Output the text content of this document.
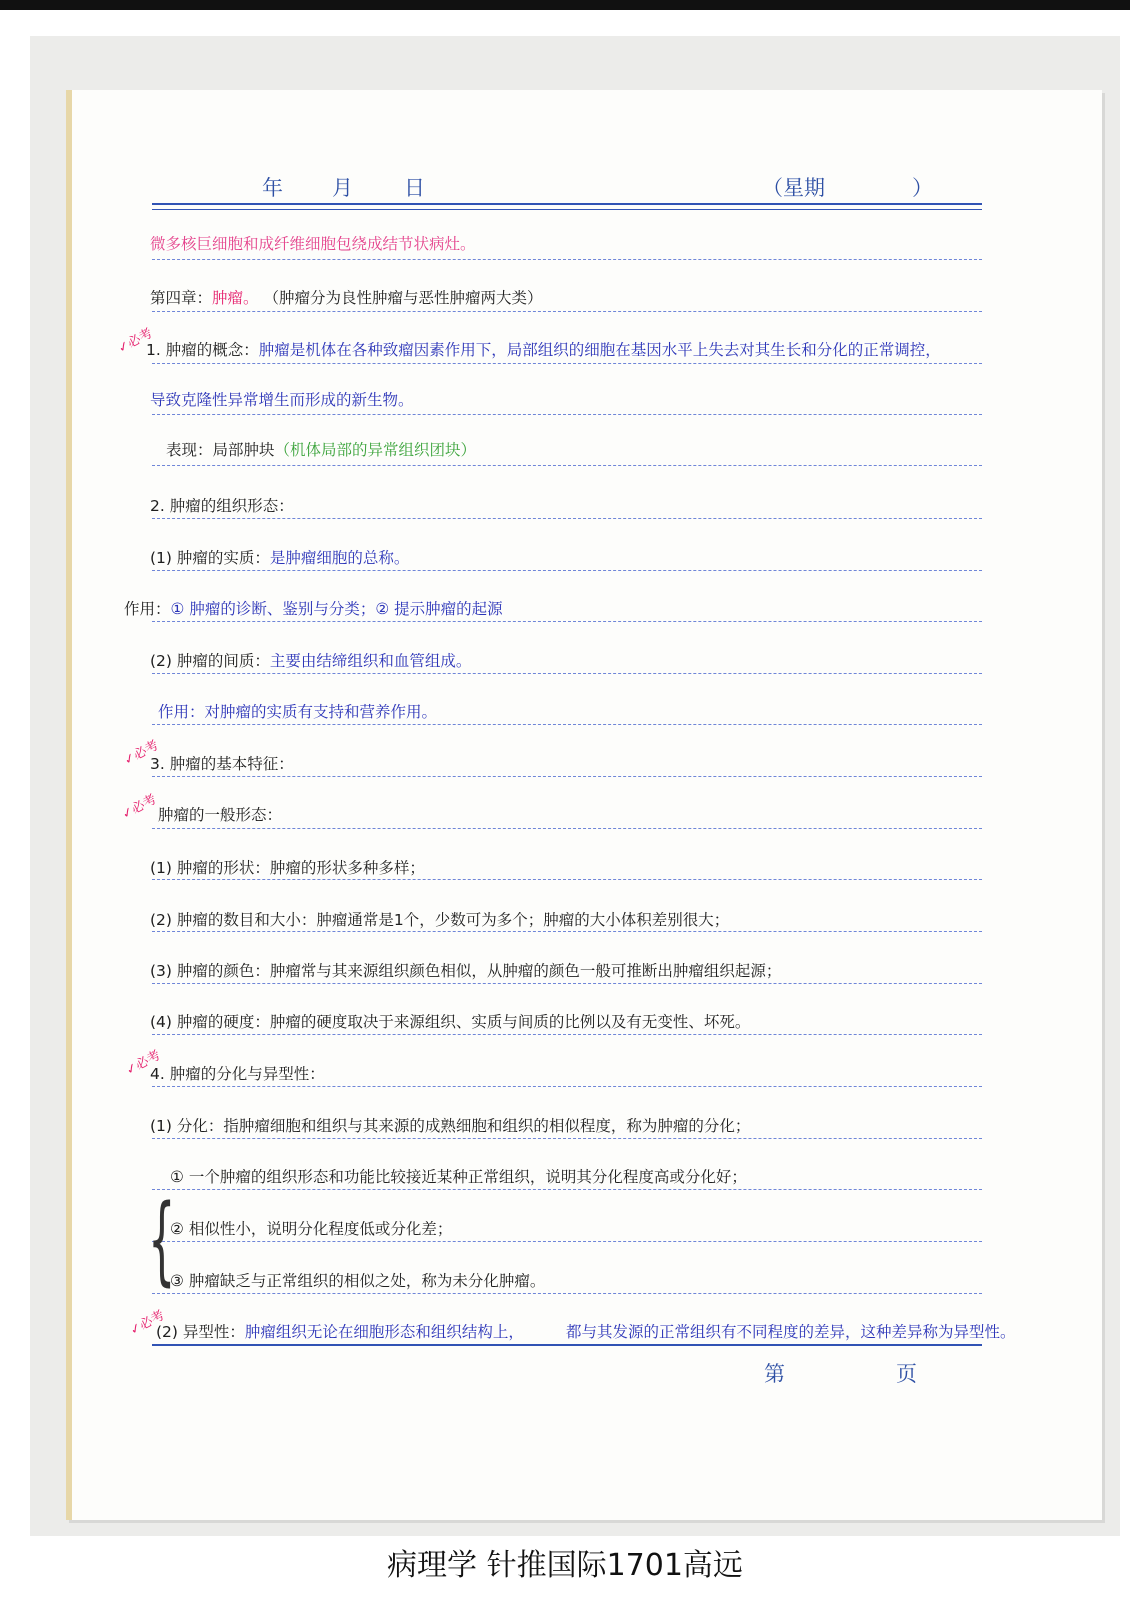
年 月 日	（星期	）
微多核巨细胞和成纤维细胞包绕成结节状病灶。
第四章：肿瘤。 （肿瘤分为良性肿瘤与恶性肿瘤两大类）
✓必考
1. 肿瘤的概念：肿瘤是机体在各种致瘤因素作用下，局部组织的细胞在基因水平上失去对其生长和分化的正常调控，
导致克隆性异常增生而形成的新生物。
表现：局部肿块（机体局部的异常组织团块）
2. 肿瘤的组织形态：
(1) 肿瘤的实质：是肿瘤细胞的总称。
作用：① 肿瘤的诊断、鉴别与分类；② 提示肿瘤的起源
(2) 肿瘤的间质：主要由结缔组织和血管组成。
作用：对肿瘤的实质有支持和营养作用。
✓必考
3. 肿瘤的基本特征：
✓必考
肿瘤的一般形态：
(1) 肿瘤的形状：肿瘤的形状多种多样；
(2) 肿瘤的数目和大小：肿瘤通常是1个，少数可为多个；肿瘤的大小体积差别很大；
(3) 肿瘤的颜色：肿瘤常与其来源组织颜色相似，从肿瘤的颜色一般可推断出肿瘤组织起源；
(4) 肿瘤的硬度：肿瘤的硬度取决于来源组织、实质与间质的比例以及有无变性、坏死。
✓必考
4. 肿瘤的分化与异型性：
(1) 分化：指肿瘤细胞和组织与其来源的成熟细胞和组织的相似程度，称为肿瘤的分化；
{
① 一个肿瘤的组织形态和功能比较接近某种正常组织，说明其分化程度高或分化好；
② 相似性小，说明分化程度低或分化差；
③ 肿瘤缺乏与正常组织的相似之处，称为未分化肿瘤。
✓必考
(2) 异型性：肿瘤组织无论在细胞形态和组织结构上，	都与其发源的正常组织有不同程度的差异，这种差异称为异型性。
第	页
病理学 针推国际1701高远
